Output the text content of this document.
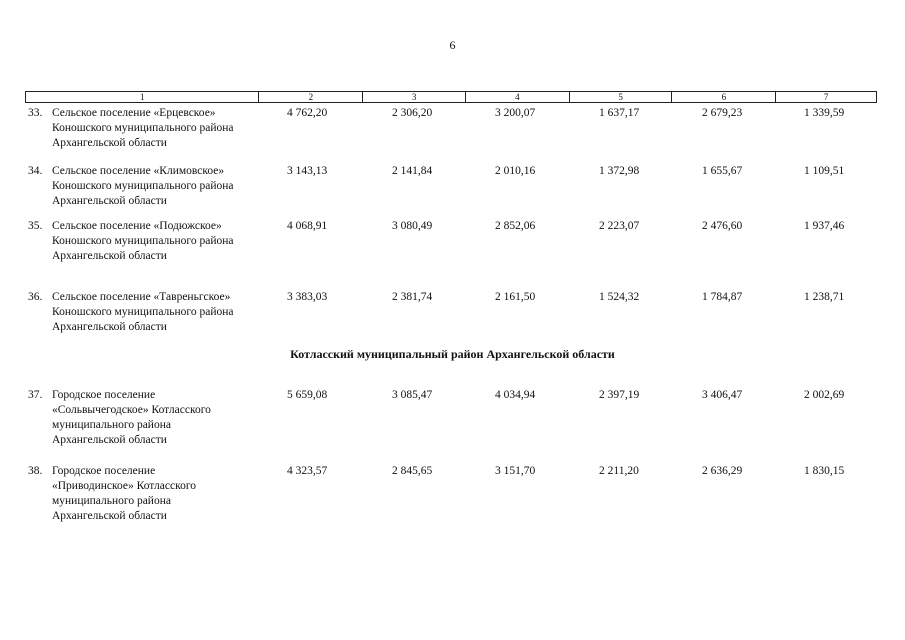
6
1	2	3	4	5	6	7
33. Сельское поселение «Ерцевское»
Коношского муниципального района
Архангельской области
4 762,20	2 306,20	3 200,07	1 637,17	2 679,23	1 339,59
34. Сельское поселение «Климовское»
Коношского муниципального района
Архангельской области
3 143,13	2 141,84	2 010,16	1 372,98	1 655,67	1 109,51
35. Сельское поселение «Подюжское»
Коношского муниципального района
Архангельской области
4 068,91	3 080,49	2 852,06	2 223,07	2 476,60	1 937,46
36. Сельское поселение «Тавреньгское»
Коношского муниципального района
Архангельской области
3 383,03	2 381,74	2 161,50	1 524,32	1 784,87	1 238,71
Котласский муниципальный район Архангельской области
37. Городское поселение
«Сольвычегодское» Котласского
муниципального района
Архангельской области
5 659,08	3 085,47	4 034,94	2 397,19	3 406,47	2 002,69
38. Городское поселение
«Приводинское» Котласского
муниципального района
Архангельской области
4 323,57	2 845,65	3 151,70	2 211,20	2 636,29	1 830,15
